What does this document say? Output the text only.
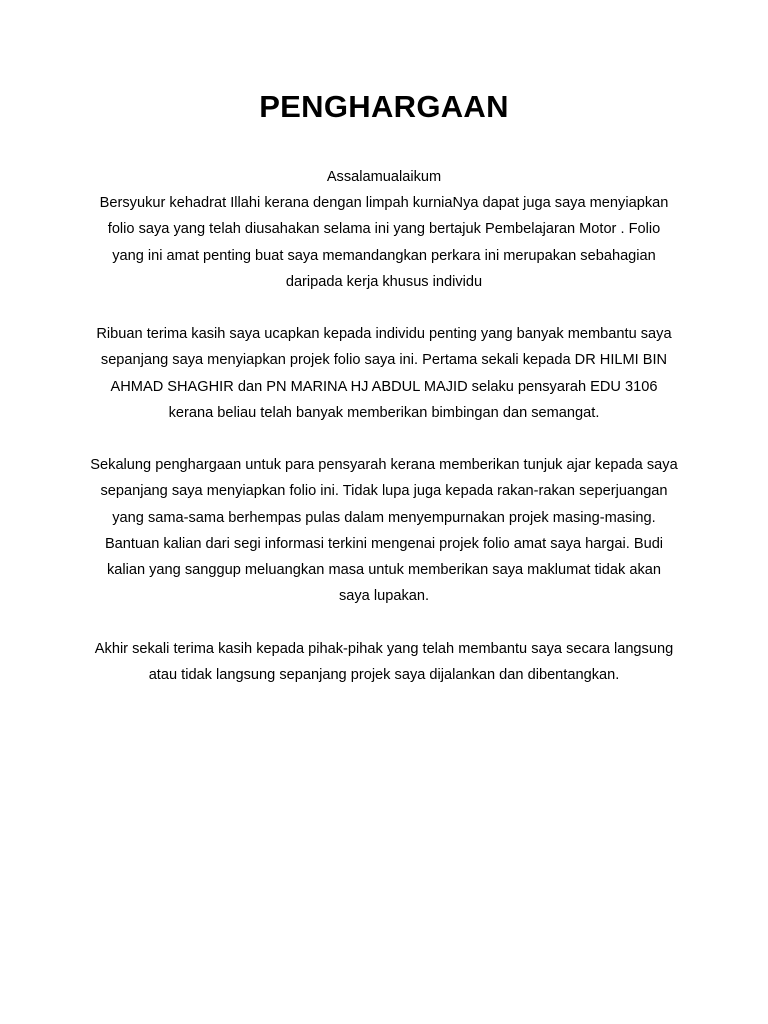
PENGHARGAAN

Assalamualaikum

Bersyukur kehadrat Illahi kerana dengan limpah kurniaNya dapat juga saya menyiapkan folio saya yang telah diusahakan selama ini yang bertajuk Pembelajaran Motor . Folio yang ini amat penting buat saya memandangkan perkara ini merupakan sebahagian daripada kerja khusus individu

Ribuan terima kasih saya ucapkan kepada individu penting yang banyak membantu saya sepanjang saya menyiapkan projek folio saya ini. Pertama sekali kepada DR HILMI BIN AHMAD SHAGHIR dan PN MARINA HJ ABDUL MAJID selaku pensyarah EDU 3106 kerana beliau telah banyak memberikan bimbingan dan semangat.

Sekalung penghargaan untuk para pensyarah kerana memberikan tunjuk ajar kepada saya sepanjang saya menyiapkan folio ini. Tidak lupa juga kepada rakan-rakan seperjuangan yang sama-sama berhempas pulas dalam menyempurnakan projek masing-masing. Bantuan kalian dari segi informasi terkini mengenai projek folio amat saya hargai. Budi kalian yang sanggup meluangkan masa untuk memberikan saya maklumat tidak akan saya lupakan.

Akhir sekali terima kasih kepada pihak-pihak yang telah membantu saya secara langsung atau tidak langsung sepanjang projek saya dijalankan dan dibentangkan.
